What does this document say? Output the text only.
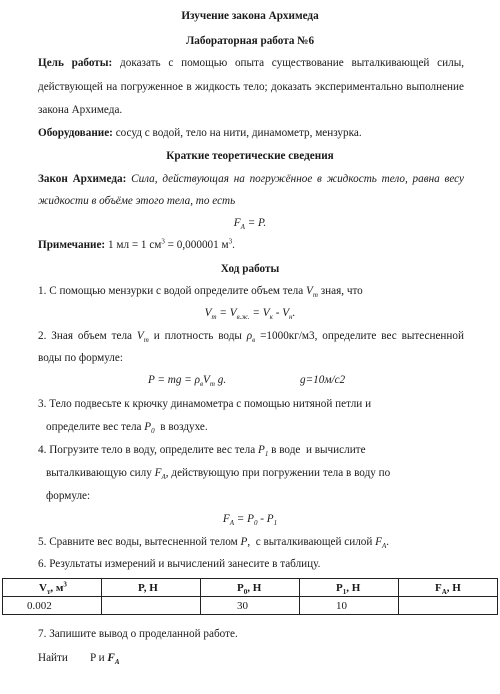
Изучение закона Архимеда
Лабораторная работа №6
Цель работы: доказать с помощью опыта существование выталкивающей силы,
действующей на погруженное в жидкость тело; доказать экспериментально выполнение
закона Архимеда.
Оборудование: сосуд с водой, тело на нити, динамометр, мензурка.
Краткие теоретические сведения
Закон Архимеда: Сила, действующая на погружённое в жидкость тело, равна весу
жидкости в объёме этого тела, то есть
$F_A = P$.
Примечание: 1 мл = 1 $см^3 = 0,000001$ $м^3$.
Ход работы
1. С помощью мензурки с водой определите объем тела $V_т$ зная, что
$V_т = V_{в.ж.} = V_к - V_н$.
2. Зная объем тела $V_т$ и плотность воды $\rho_в =1000кг/м3$, определите вес вытесненной
воды по формуле:
P = mg = $\rho_вV_т$ g.	g=10м/с2
3. Тело подвесьте к крючку динамометра с помощью нитяной петли и
определите вес тела $P_0$  в воздухе.
4. Погрузите тело в воду, определите вес тела $P_1$ в воде  и вычислите
выталкивающую силу $F_A$, действующую при погружении тела в воду по
формуле:
$F_A = P_0 - P_1$
5. Сравните вес воды, вытесненной телом P,  с выталкивающей силой $F_A$.
6. Результаты измерений и вычислений занесите в таблицу.
$V_т$, $м^3$	P, Н	$P_0$, Н	$P_1$, Н	$F_A$, Н
0.002		30	10	
7. Запишите вывод о проделанной работе.
Найти	P и $F_A$
